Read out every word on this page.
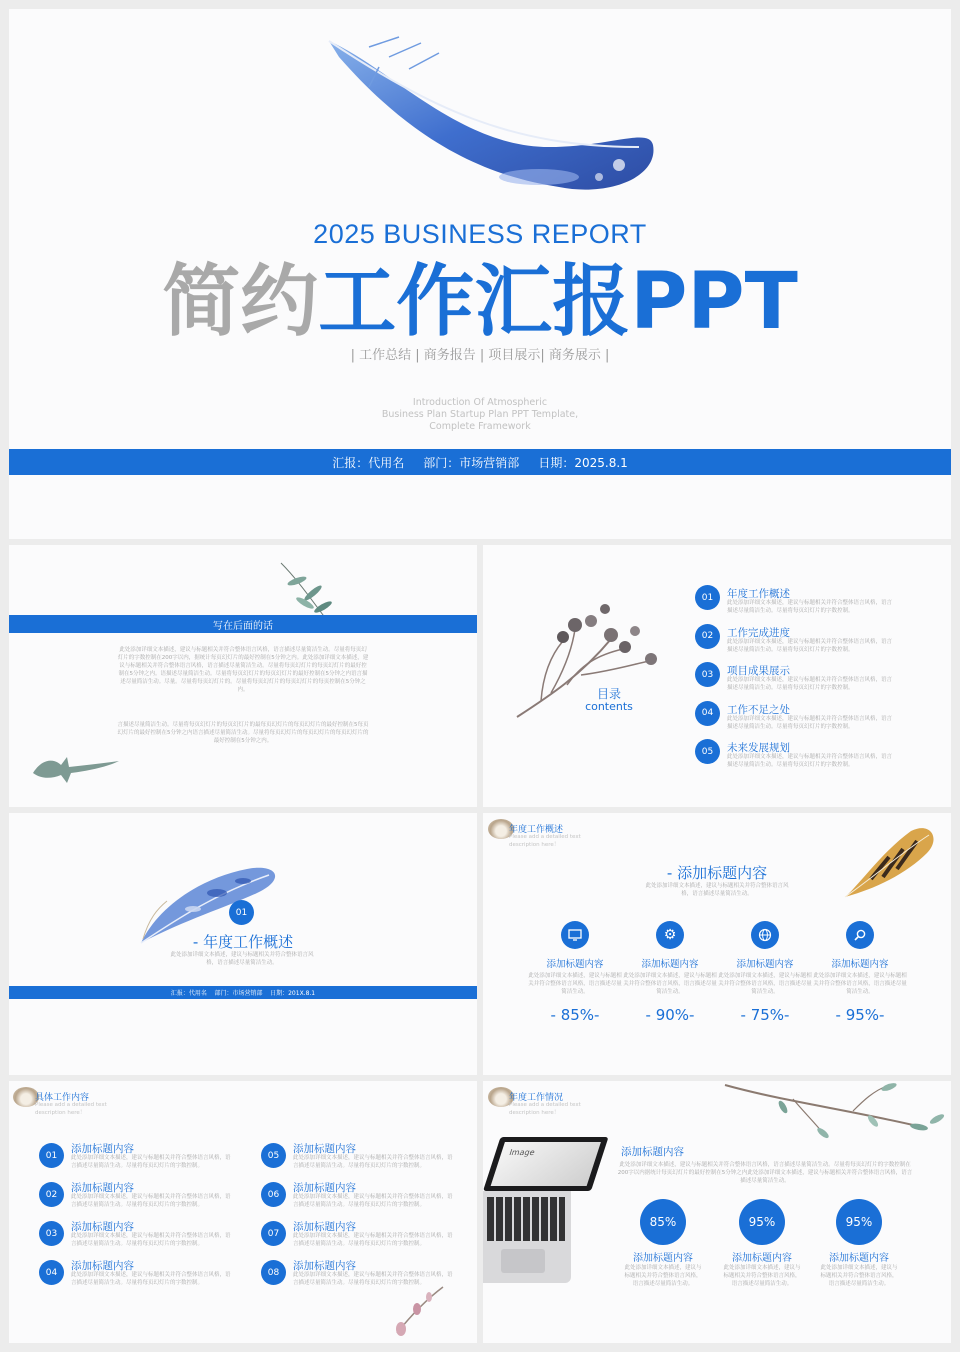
2025 BUSINESS REPORT
简约工作汇报PPT
| 工作总结 | 商务报告 | 项目展示| 商务展示 |
Introduction Of Atmospheric
Business Plan Startup Plan PPT Template,
Complete Framework
汇报：代用名     部门：市场营销部     日期：2025.8.1
写在后面的话
此处添加详细文本描述，建议与标题相关并符合整体语言风格，语言描述尽量简洁生动。尽量将每页幻灯片的字数控制在200字以内，据统计每页幻灯片的最好控制在5分钟之内。此处添加详细文本描述，建议与标题相关并符合整体语言风格，语言描述尽量简洁生动。尽量将每页幻灯片的每页幻灯片的最好控制在5分钟之内。语描述尽量简洁生动。尽量将每页幻灯片的每页幻灯片的最好控制在5分钟之内语言描述尽量简洁生动。尽量。尽量将每页幻灯片的。尽量将每页幻灯片的每页幻灯片的每页控制在5分钟之内。
言描述尽量简洁生动。尽量将每页幻灯片的每页幻灯片的最每页幻灯片的每页幻灯片的最好控制在5每页幻灯片的最好控制在5分钟之内语言描述尽量简洁生动。尽量将每页幻灯片的每页幻灯片的每页幻灯片的最好控制在5分钟之内。
目录
contents
01	年度工作概述
此处添加详细文本描述，建议与标题相关并符合整体语言风格，语言描述尽量简洁生动。尽量将每页幻灯片的字数控制。
02	工作完成进度
此处添加详细文本描述，建议与标题相关并符合整体语言风格，语言描述尽量简洁生动。尽量将每页幻灯片的字数控制。
03	项目成果展示
此处添加详细文本描述，建议与标题相关并符合整体语言风格，语言描述尽量简洁生动。尽量将每页幻灯片的字数控制。
04	工作不足之处
此处添加详细文本描述，建议与标题相关并符合整体语言风格，语言描述尽量简洁生动。尽量将每页幻灯片的字数控制。
05	未来发展规划
此处添加详细文本描述，建议与标题相关并符合整体语言风格，语言描述尽量简洁生动。尽量将每页幻灯片的字数控制。
01
- 年度工作概述
此处添加详细文本描述，建议与标题相关并符合整体语言风格，语言描述尽量简洁生动。
汇报：代用名    部门：市场营销部    日期：201X.8.1
年度工作概述
Please add a detailed text description here！
- 添加标题内容
此处添加详细文本描述，建议与标题相关并符合整体语言风格，语言描述尽量简洁生动。
添加标题内容
此处添加详细文本描述，建议与标题相关并符合整体语言风格，语言描述尽量简洁生动。
- 85%-
⚙
添加标题内容
此处添加详细文本描述，建议与标题相关并符合整体语言风格，语言描述尽量简洁生动。
- 90%-
添加标题内容
此处添加详细文本描述，建议与标题相关并符合整体语言风格，语言描述尽量简洁生动。
- 75%-
添加标题内容
此处添加详细文本描述，建议与标题相关并符合整体语言风格，语言描述尽量简洁生动。
- 95%-
具体工作内容
Please add a detailed text description here！
01
添加标题内容
此处添加详细文本描述，建议与标题相关并符合整体语言风格，语言描述尽量简洁生动。尽量将每页幻灯片的字数控制。
02
添加标题内容
此处添加详细文本描述，建议与标题相关并符合整体语言风格，语言描述尽量简洁生动。尽量将每页幻灯片的字数控制。
03
添加标题内容
此处添加详细文本描述，建议与标题相关并符合整体语言风格，语言描述尽量简洁生动。尽量将每页幻灯片的字数控制。
04
添加标题内容
此处添加详细文本描述，建议与标题相关并符合整体语言风格，语言描述尽量简洁生动。尽量将每页幻灯片的字数控制。
05
添加标题内容
此处添加详细文本描述，建议与标题相关并符合整体语言风格，语言描述尽量简洁生动。尽量将每页幻灯片的字数控制。
06
添加标题内容
此处添加详细文本描述，建议与标题相关并符合整体语言风格，语言描述尽量简洁生动。尽量将每页幻灯片的字数控制。
07
添加标题内容
此处添加详细文本描述，建议与标题相关并符合整体语言风格，语言描述尽量简洁生动。尽量将每页幻灯片的字数控制。
08
添加标题内容
此处添加详细文本描述，建议与标题相关并符合整体语言风格，语言描述尽量简洁生动。尽量将每页幻灯片的字数控制。
年度工作情况
Please add a detailed text description here！
Image	添加标题内容
此处添加详细文本描述，建议与标题相关并符合整体语言风格，语言描述尽量简洁生动。尽量将每页幻灯片的字数控制在200字以内据统计每页幻灯片的最好控制在5分钟之内此处添加详细文本描述，建议与标题相关并符合整体语言风格，语言描述尽量简洁生动。
85%
添加标题内容
此处添加详细文本描述，建议与标题相关并符合整体语言风格，语言描述尽量简洁生动。
95%
添加标题内容
此处添加详细文本描述，建议与标题相关并符合整体语言风格，语言描述尽量简洁生动。
95%
添加标题内容
此处添加详细文本描述，建议与标题相关并符合整体语言风格，语言描述尽量简洁生动。
